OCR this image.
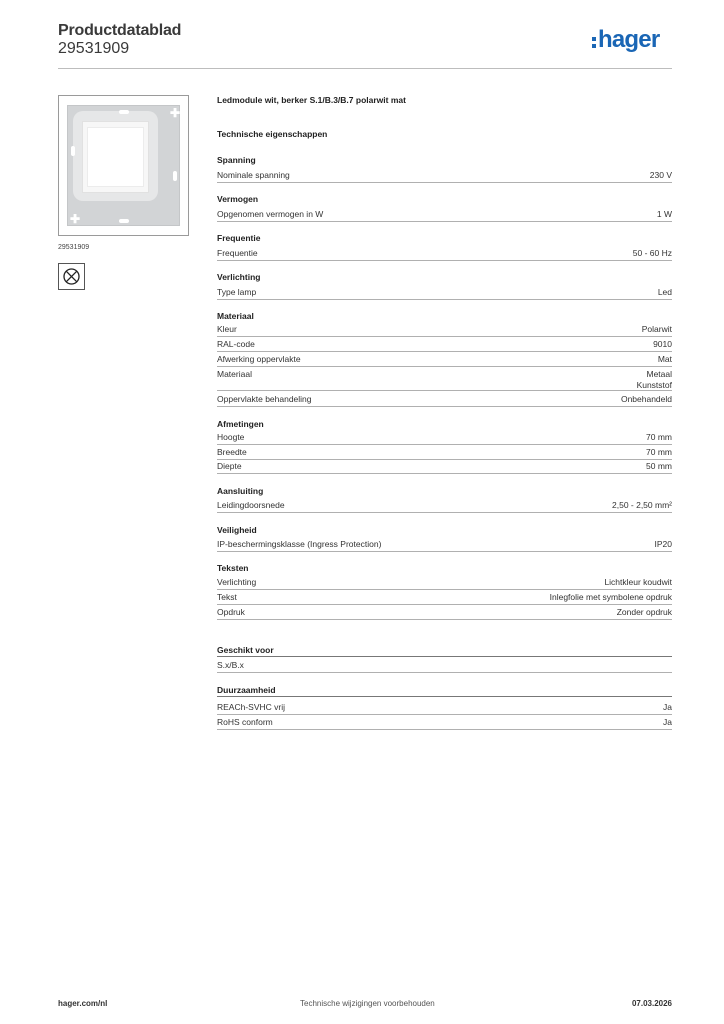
Productdatablad
29531909	hager
✚
✚
29531909
Ledmodule wit, berker S.1/B.3/B.7 polarwit mat
Technische eigenschappen
Spanning
Nominale spanning	230 V
Vermogen
Opgenomen vermogen in W	1 W
Frequentie
Frequentie	50 - 60 Hz
Verlichting
Type lamp	Led
Materiaal
Kleur	Polarwit
RAL-code	9010
Afwerking oppervlakte	Mat
Materiaal	Metaal
Kunststof
Oppervlakte behandeling	Onbehandeld
Afmetingen
Hoogte	70 mm
Breedte	70 mm
Diepte	50 mm
Aansluiting
Leidingdoorsnede	2,50 - 2,50 mm²
Veiligheid
IP-beschermingsklasse (Ingress Protection)	IP20
Teksten
Verlichting	Lichtkleur koudwit
Tekst	Inlegfolie met symbolene opdruk
Opdruk	Zonder opdruk
Geschikt voor
S.x/B.x
Duurzaamheid
REACh-SVHC vrij	Ja
RoHS conform	Ja
hager.com/nl	Technische wijzigingen voorbehouden	07.03.2026
